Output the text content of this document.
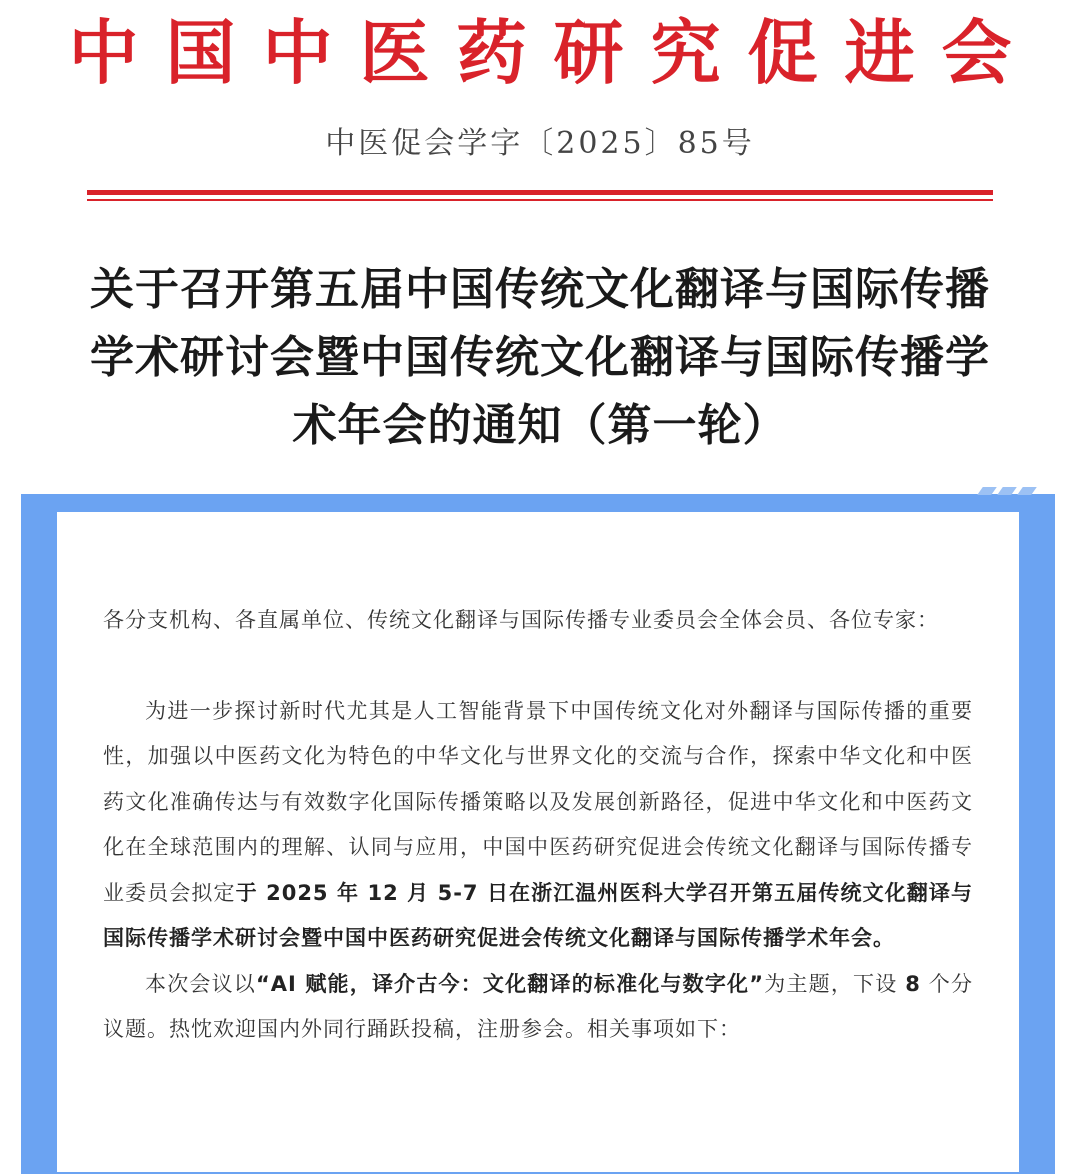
中国中医药研究促进会
中医促会学字〔2025〕85号
关于召开第五届中国传统文化翻译与国际传播学术研讨会暨中国传统文化翻译与国际传播学术年会的通知（第一轮）

各分支机构、各直属单位、传统文化翻译与国际传播专业委员会全体会员、各位专家：

为进一步探讨新时代尤其是人工智能背景下中国传统文化对外翻译与国际传播的重要性，加强以中医药文化为特色的中华文化与世界文化的交流与合作，探索中华文化和中医药文化准确传达与有效数字化国际传播策略以及发展创新路径，促进中华文化和中医药文化在全球范围内的理解、认同与应用，中国中医药研究促进会传统文化翻译与国际传播专业委员会拟定于 2025 年 12 月 5-7 日在浙江温州医科大学召开第五届传统文化翻译与国际传播学术研讨会暨中国中医药研究促进会传统文化翻译与国际传播学术年会。

本次会议以“AI 赋能，译介古今：文化翻译的标准化与数字化”为主题，下设 8 个分议题。热忱欢迎国内外同行踊跃投稿，注册参会。相关事项如下：
